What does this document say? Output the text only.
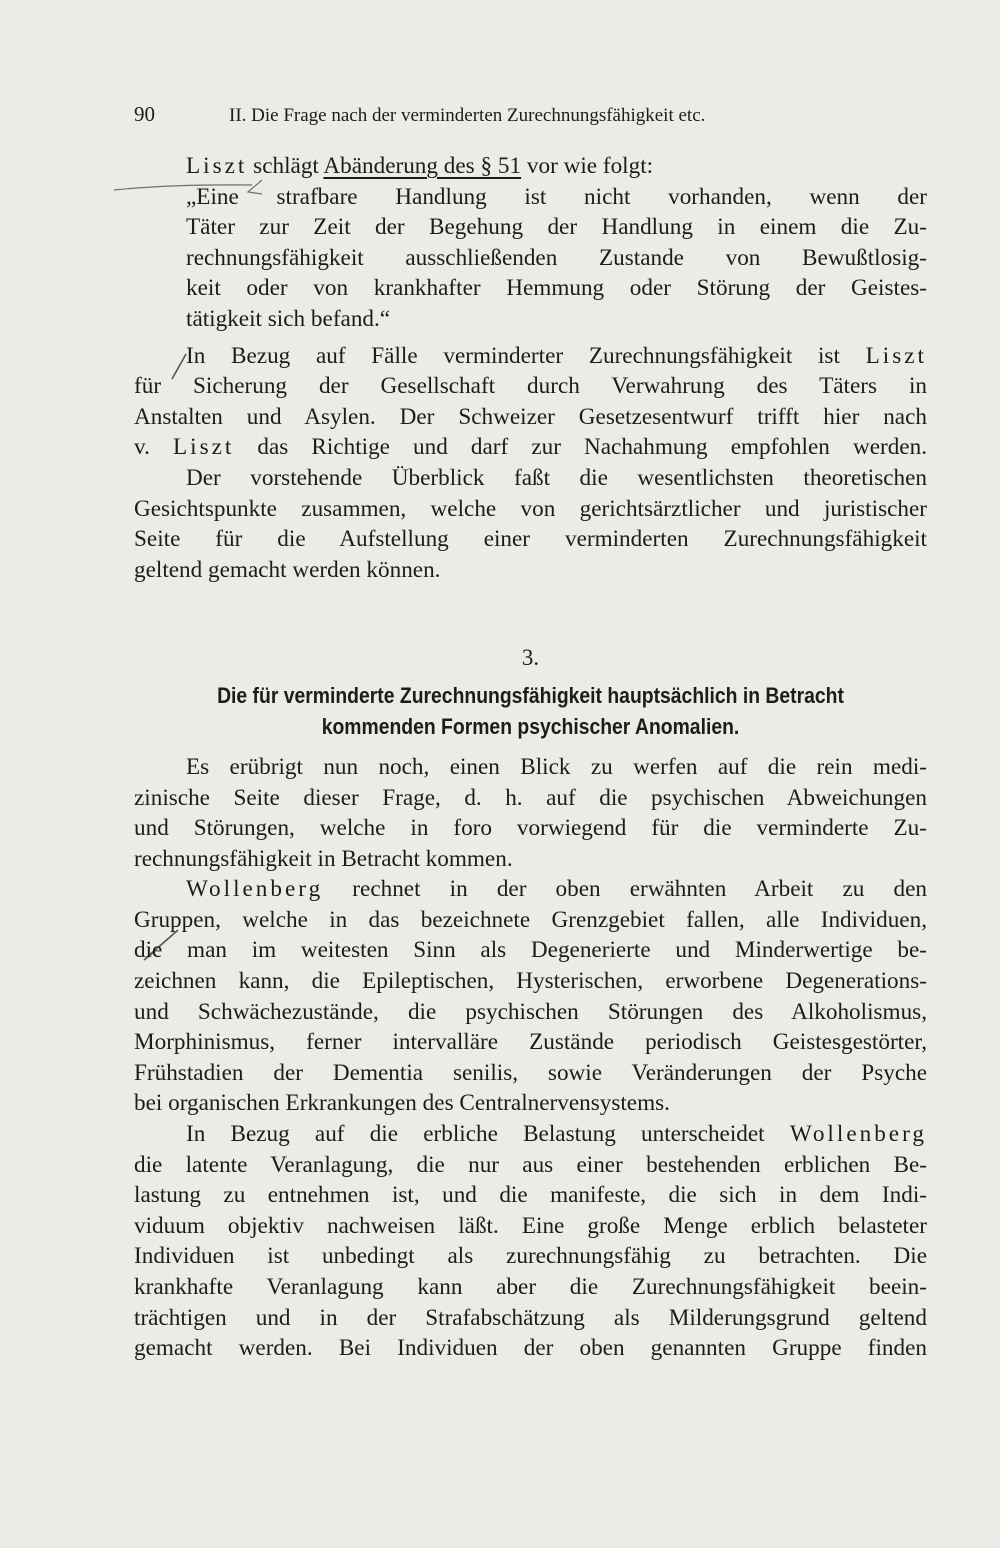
90	II. Die Frage nach der verminderten Zurechnungsfähigkeit etc.
Liszt schlägt Abänderung des § 51 vor wie folgt:
„Eine strafbare Handlung ist nicht vorhanden, wenn der
Täter zur Zeit der Begehung der Handlung in einem die Zu-
rechnungsfähigkeit ausschließenden Zustande von Bewußtlosig-
keit oder von krankhafter Hemmung oder Störung der Geistes-
tätigkeit sich befand.“
In Bezug auf Fälle verminderter Zurechnungsfähigkeit ist Liszt
für Sicherung der Gesellschaft durch Verwahrung des Täters in
Anstalten und Asylen. Der Schweizer Gesetzesentwurf trifft hier nach
v. Liszt das Richtige und darf zur Nachahmung empfohlen werden.
Der vorstehende Überblick faßt die wesentlichsten theoretischen
Gesichtspunkte zusammen, welche von gerichtsärztlicher und juristischer
Seite für die Aufstellung einer verminderten Zurechnungsfähigkeit
geltend gemacht werden können.
3.
Die für verminderte Zurechnungsfähigkeit hauptsächlich in Betracht
kommenden Formen psychischer Anomalien.
Es erübrigt nun noch, einen Blick zu werfen auf die rein medi-
zinische Seite dieser Frage, d. h. auf die psychischen Abweichungen
und Störungen, welche in foro vorwiegend für die verminderte Zu-
rechnungsfähigkeit in Betracht kommen.
Wollenberg rechnet in der oben erwähnten Arbeit zu den
Gruppen, welche in das bezeichnete Grenzgebiet fallen, alle Individuen,
die man im weitesten Sinn als Degenerierte und Minderwertige be-
zeichnen kann, die Epileptischen, Hysterischen, erworbene Degenerations-
und Schwächezustände, die psychischen Störungen des Alkoholismus,
Morphinismus, ferner intervalläre Zustände periodisch Geistesgestörter,
Frühstadien der Dementia senilis, sowie Veränderungen der Psyche
bei organischen Erkrankungen des Centralnervensystems.
In Bezug auf die erbliche Belastung unterscheidet Wollenberg
die latente Veranlagung, die nur aus einer bestehenden erblichen Be-
lastung zu entnehmen ist, und die manifeste, die sich in dem Indi-
viduum objektiv nachweisen läßt. Eine große Menge erblich belasteter
Individuen ist unbedingt als zurechnungsfähig zu betrachten. Die
krankhafte Veranlagung kann aber die Zurechnungsfähigkeit beein-
trächtigen und in der Strafabschätzung als Milderungsgrund geltend
gemacht werden. Bei Individuen der oben genannten Gruppe finden
